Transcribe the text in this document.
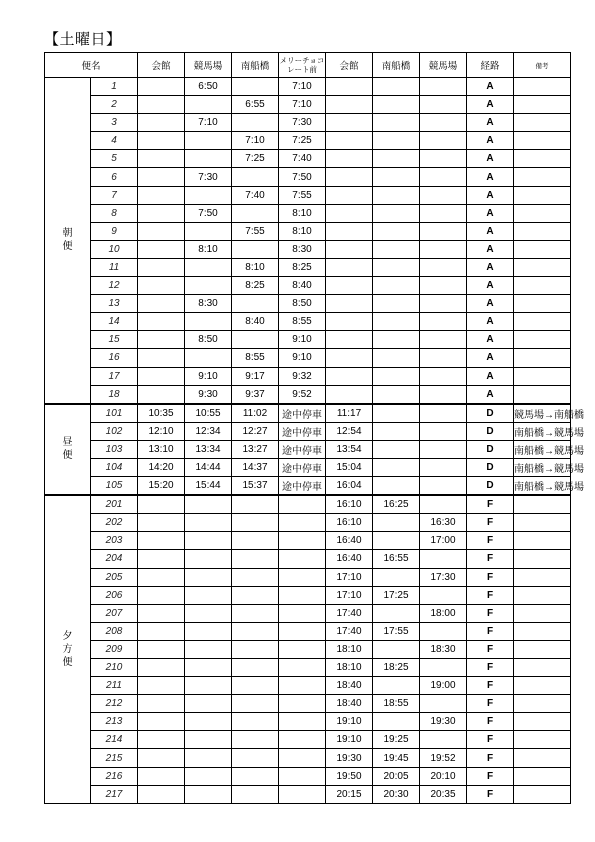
【土曜日】
便名		会館	競馬場	南船橋	メリーチョコ レート前	会館	南船橋	競馬場	経路	備考

朝
便	1		6:50		7:10				A	
	2			6:55	7:10				A	
	3		7:10		7:30				A	
	4			7:10	7:25				A	
	5			7:25	7:40				A	
	6		7:30		7:50				A	
	7			7:40	7:55				A	
	8		7:50		8:10				A	
	9			7:55	8:10				A	
	10		8:10		8:30				A	
	11			8:10	8:25				A	
	12			8:25	8:40				A	
	13		8:30		8:50				A	
	14			8:40	8:55				A	
	15		8:50		9:10				A	
	16			8:55	9:10				A	
	17		9:10	9:17	9:32				A	
	18		9:30	9:37	9:52				A	

昼
便	101	10:35	10:55	11:02	途中停車	11:17			D	競馬場→南船橋
	102	12:10	12:34	12:27	途中停車	12:54			D	南船橋→競馬場
	103	13:10	13:34	13:27	途中停車	13:54			D	南船橋→競馬場
	104	14:20	14:44	14:37	途中停車	15:04			D	南船橋→競馬場
	105	15:20	15:44	15:37	途中停車	16:04			D	南船橋→競馬場

夕
方
便	201					16:10	16:25		F	
	202					16:10		16:30	F	
	203					16:40		17:00	F	
	204					16:40	16:55		F	
	205					17:10		17:30	F	
	206					17:10	17:25		F	
	207					17:40		18:00	F	
	208					17:40	17:55		F	
	209					18:10		18:30	F	
	210					18:10	18:25		F	
	211					18:40		19:00	F	
	212					18:40	18:55		F	
	213					19:10		19:30	F	
	214					19:10	19:25		F	
	215					19:30	19:45	19:52	F	
	216					19:50	20:05	20:10	F	
	217					20:15	20:30	20:35	F	
